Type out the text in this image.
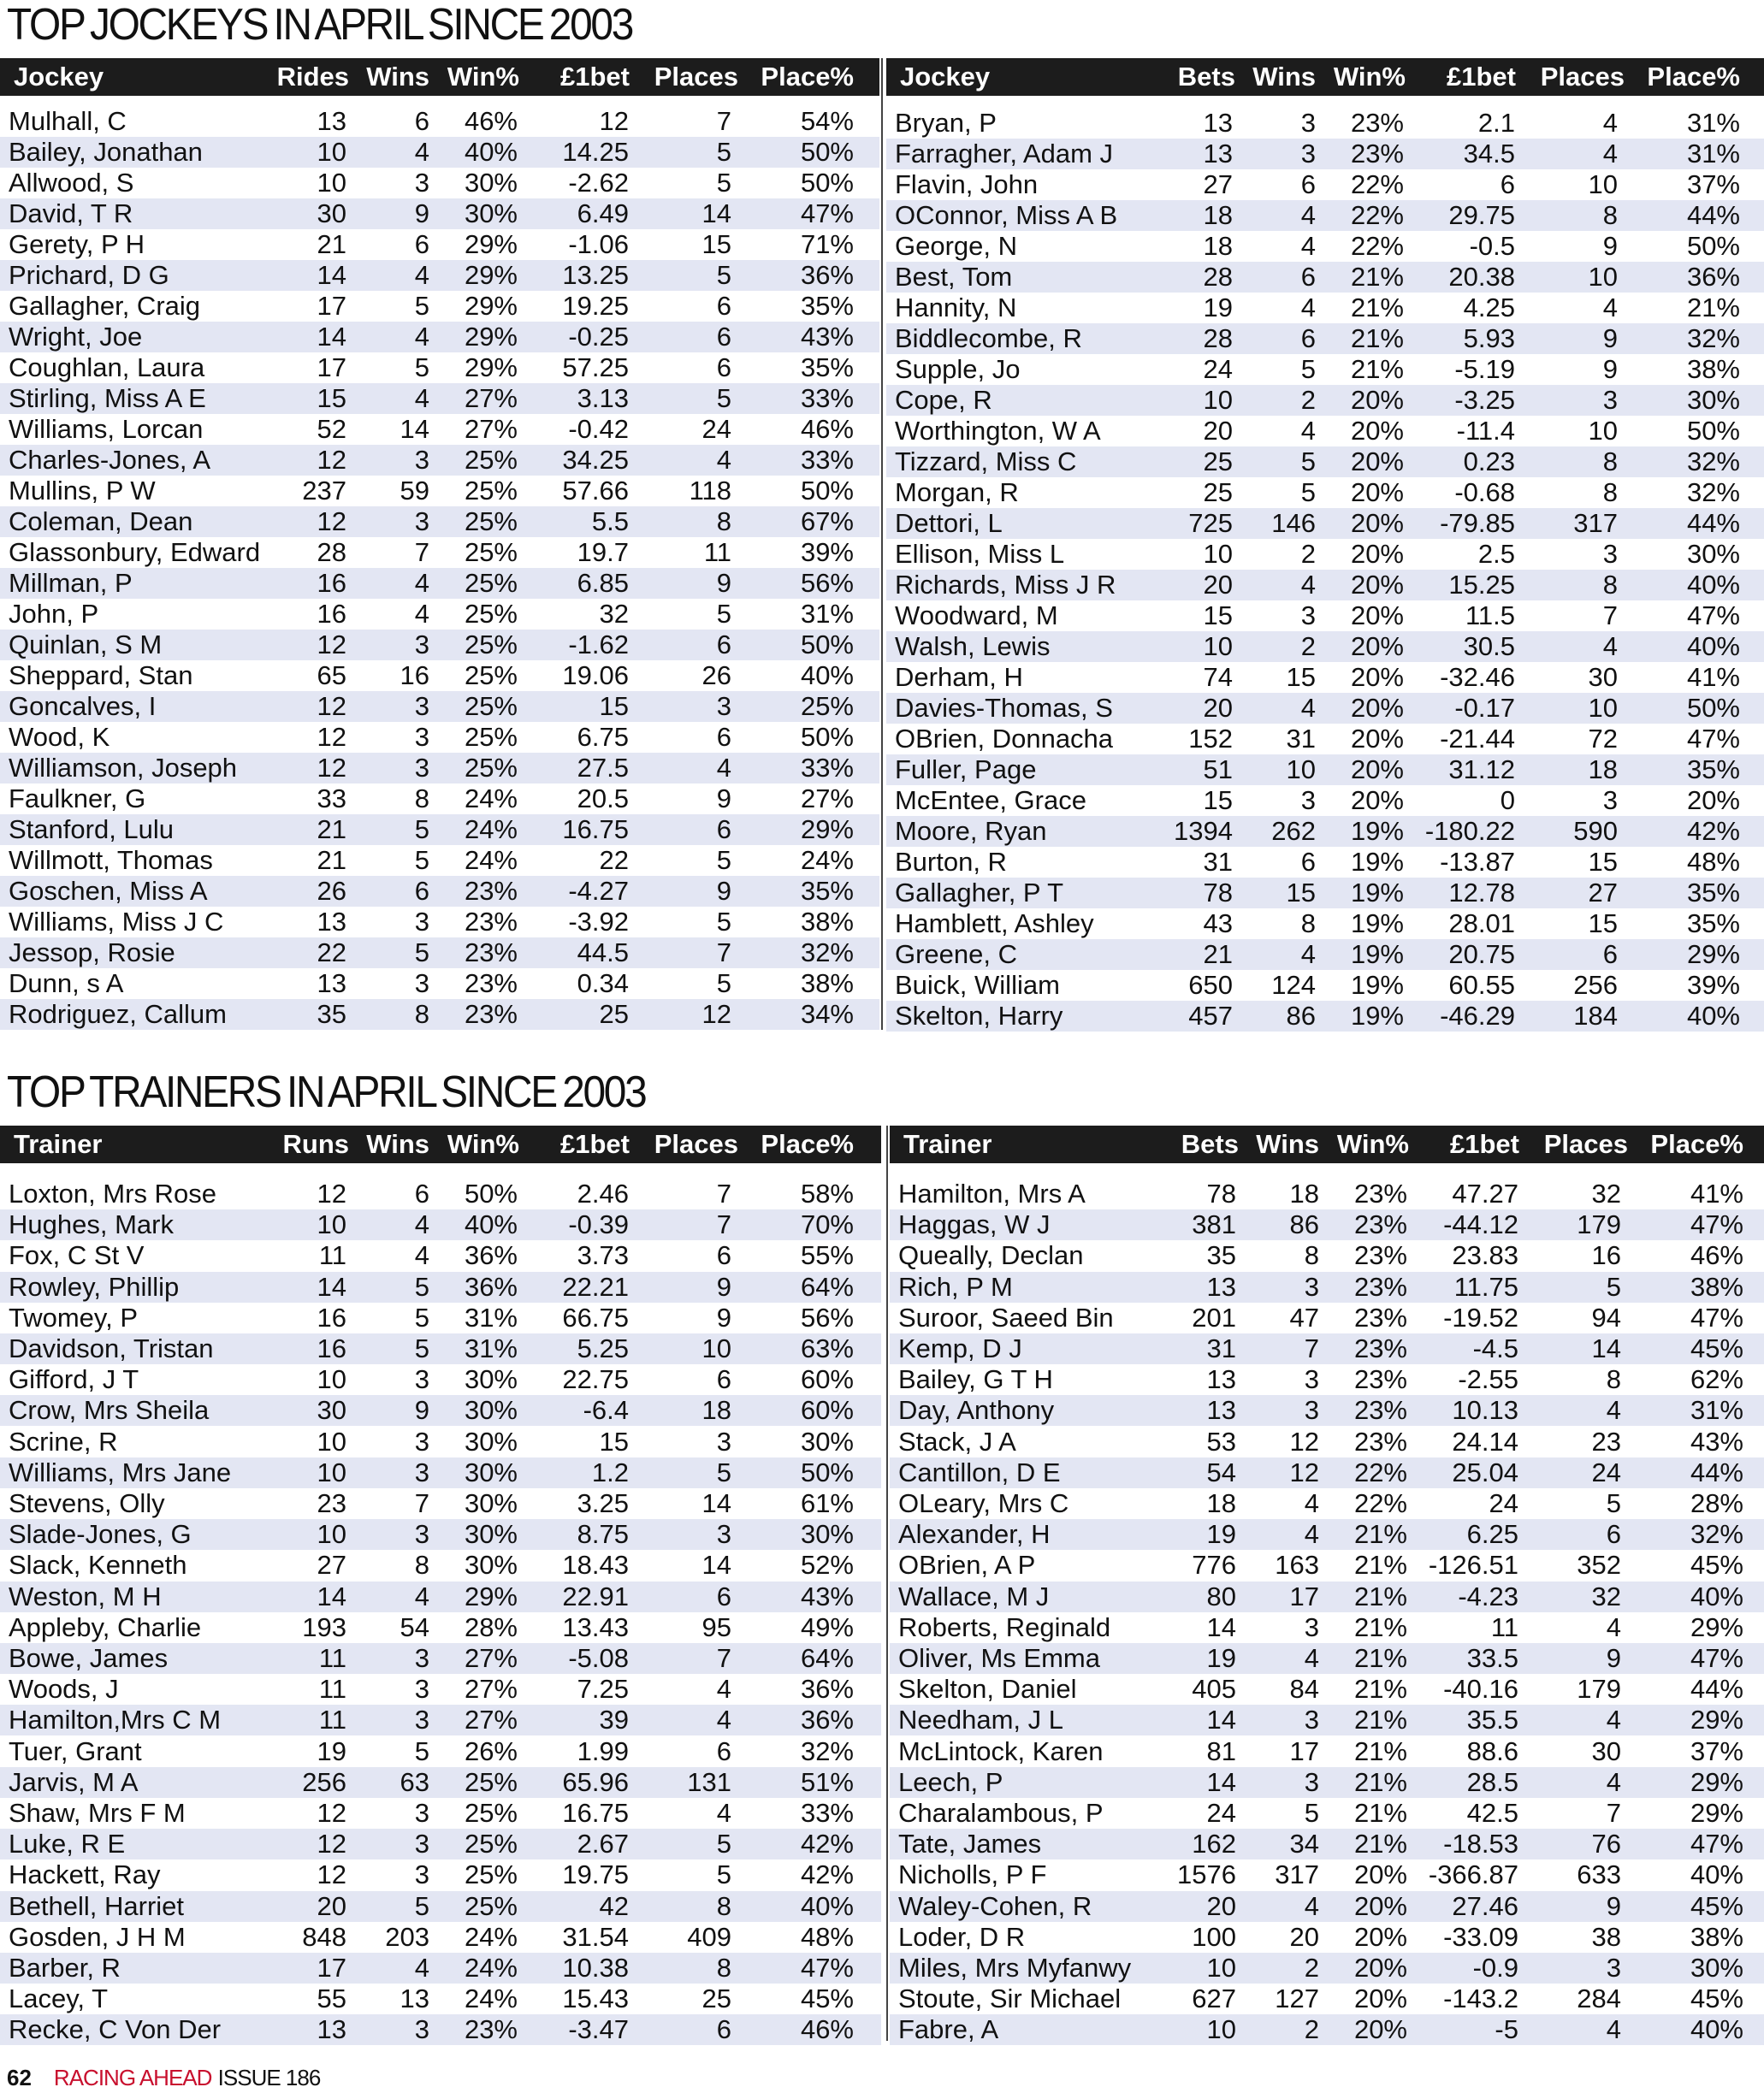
TOP JOCKEYS IN APRIL SINCE 2003
TOP TRAINERS IN APRIL SINCE 2003
Jockey	Rides Wins Win% £1bet Places Place%
Mulhall, C	13	6 46%	12	7	54%
Bailey, Jonathan	10	4 40% 14.25	5	50%
Allwood, S	10	3 30% -2.62	5	50%
David, T R	30	9 30% 6.49	14	47%
Gerety, P H	21	6 29% -1.06	15	71%
Prichard, D G	14	4 29% 13.25	5	36%
Gallagher, Craig	17	5 29% 19.25	6	35%
Wright, Joe	14	4 29% -0.25	6	43%
Coughlan, Laura	17	5 29% 57.25	6	35%
Stirling, Miss A E	15	4 27% 3.13	5	33%
Williams, Lorcan	52 14 27% -0.42	24	46%
Charles-Jones, A	12	3 25% 34.25	4	33%
Mullins, P W	237 59 25% 57.66 118	50%
Coleman, Dean	12	3 25%	5.5	8	67%
Glassonbury, Edward 28	7 25% 19.7	11	39%
Millman, P	16	4 25% 6.85	9	56%
John, P	16	4 25%	32	5	31%
Quinlan, S M	12	3 25% -1.62	6	50%
Sheppard, Stan	65 16 25% 19.06	26	40%
Goncalves, I	12	3 25%	15	3	25%
Wood, K	12	3 25% 6.75	6	50%
Williamson, Joseph	12	3 25% 27.5	4	33%
Faulkner, G	33	8 24% 20.5	9	27%
Stanford, Lulu	21	5 24% 16.75	6	29%
Willmott, Thomas	21	5 24%	22	5	24%
Goschen, Miss A	26	6 23% -4.27	9	35%
Williams, Miss J C	13	3 23% -3.92	5	38%
Jessop, Rosie	22	5 23% 44.5	7	32%
Dunn, s A	13	3 23% 0.34	5	38%
Rodriguez, Callum	35	8 23%	25	12	34%
Jockey	Bets Wins Win% £1bet Places Place%
Bryan, P	13	3 23%	2.1	4	31%
Farragher, Adam J	13	3 23% 34.5	4	31%
Flavin, John	27	6 22%	6	10	37%
OConnor, Miss A B	18	4 22% 29.75	8	44%
George, N	18	4 22% -0.5	9	50%
Best, Tom	28	6 21% 20.38	10	36%
Hannity, N	19	4 21% 4.25	4	21%
Biddlecombe, R	28	6 21% 5.93	9	32%
Supple, Jo	24	5 21% -5.19	9	38%
Cope, R	10	2 20% -3.25	3	30%
Worthington, W A	20	4 20% -11.4	10	50%
Tizzard, Miss C	25	5 20% 0.23	8	32%
Morgan, R	25	5 20% -0.68	8	32%
Dettori, L	725 146 20% -79.85 317	44%
Ellison, Miss L	10	2 20%	2.5	3	30%
Richards, Miss J R	20	4 20% 15.25	8	40%
Woodward, M	15	3 20% 11.5	7	47%
Walsh, Lewis	10	2 20% 30.5	4	40%
Derham, H	74 15 20% -32.46	30	41%
Davies-Thomas, S	20	4 20% -0.17	10	50%
OBrien, Donnacha	152 31 20% -21.44	72	47%
Fuller, Page	51 10 20% 31.12	18	35%
McEntee, Grace	15	3 20%	0	3	20%
Moore, Ryan	1394 262 19% -180.22 590	42%
Burton, R	31	6 19% -13.87	15	48%
Gallagher, P T	78 15 19% 12.78	27	35%
Hamblett, Ashley	43	8 19% 28.01	15	35%
Greene, C	21	4 19% 20.75	6	29%
Buick, William	650 124 19% 60.55 256	39%
Skelton, Harry	457 86 19% -46.29 184	40%
Trainer	Runs Wins Win% £1bet Places Place%
Loxton, Mrs Rose	12	6 50% 2.46	7	58%
Hughes, Mark	10	4 40% -0.39	7	70%
Fox, C St V	11	4 36% 3.73	6	55%
Rowley, Phillip	14	5 36% 22.21	9	64%
Twomey, P	16	5 31% 66.75	9	56%
Davidson, Tristan	16	5 31% 5.25	10	63%
Gifford, J T	10	3 30% 22.75	6	60%
Crow, Mrs Sheila	30	9 30% -6.4	18	60%
Scrine, R	10	3 30%	15	3	30%
Williams, Mrs Jane	10	3 30%	1.2	5	50%
Stevens, Olly	23	7 30% 3.25	14	61%
Slade-Jones, G	10	3 30% 8.75	3	30%
Slack, Kenneth	27	8 30% 18.43	14	52%
Weston, M H	14	4 29% 22.91	6	43%
Appleby, Charlie	193 54 28% 13.43	95	49%
Bowe, James	11	3 27% -5.08	7	64%
Woods, J	11	3 27% 7.25	4	36%
Hamilton,Mrs C M	11	3 27%	39	4	36%
Tuer, Grant	19	5 26% 1.99	6	32%
Jarvis, M A	256 63 25% 65.96 131	51%
Shaw, Mrs F M	12	3 25% 16.75	4	33%
Luke, R E	12	3 25% 2.67	5	42%
Hackett, Ray	12	3 25% 19.75	5	42%
Bethell, Harriet	20	5 25%	42	8	40%
Gosden, J H M	848 203 24% 31.54 409	48%
Barber, R	17	4 24% 10.38	8	47%
Lacey, T	55 13 24% 15.43	25	45%
Recke, C Von Der	13	3 23% -3.47	6	46%
Trainer	Bets Wins Win% £1bet Places Place%
Hamilton, Mrs A	78 18 23% 47.27	32	41%
Haggas, W J	381 86 23% -44.12 179	47%
Queally, Declan	35	8 23% 23.83	16	46%
Rich, P M	13	3 23% 11.75	5	38%
Suroor, Saeed Bin	201 47 23% -19.52	94	47%
Kemp, D J	31	7 23% -4.5	14	45%
Bailey, G T H	13	3 23% -2.55	8	62%
Day, Anthony	13	3 23% 10.13	4	31%
Stack, J A	53 12 23% 24.14	23	43%
Cantillon, D E	54 12 22% 25.04	24	44%
OLeary, Mrs C	18	4 22%	24	5	28%
Alexander, H	19	4 21% 6.25	6	32%
OBrien, A P	776 163 21% -126.51 352	45%
Wallace, M J	80 17 21% -4.23	32	40%
Roberts, Reginald	14	3 21%	11	4	29%
Oliver, Ms Emma	19	4 21% 33.5	9	47%
Skelton, Daniel	405 84 21% -40.16 179	44%
Needham, J L	14	3 21% 35.5	4	29%
McLintock, Karen	81 17 21% 88.6	30	37%
Leech, P	14	3 21% 28.5	4	29%
Charalambous, P	24	5 21% 42.5	7	29%
Tate, James	162 34 21% -18.53	76	47%
Nicholls, P F	1576 317 20% -366.87 633	40%
Waley-Cohen, R	20	4 20% 27.46	9	45%
Loder, D R	100 20 20% -33.09	38	38%
Miles, Mrs Myfanwy	10	2 20% -0.9	3	30%
Stoute, Sir Michael	627 127 20% -143.2 284	45%
Fabre, A	10	2 20%	-5	4	40%
62 RACING AHEAD ISSUE 186
